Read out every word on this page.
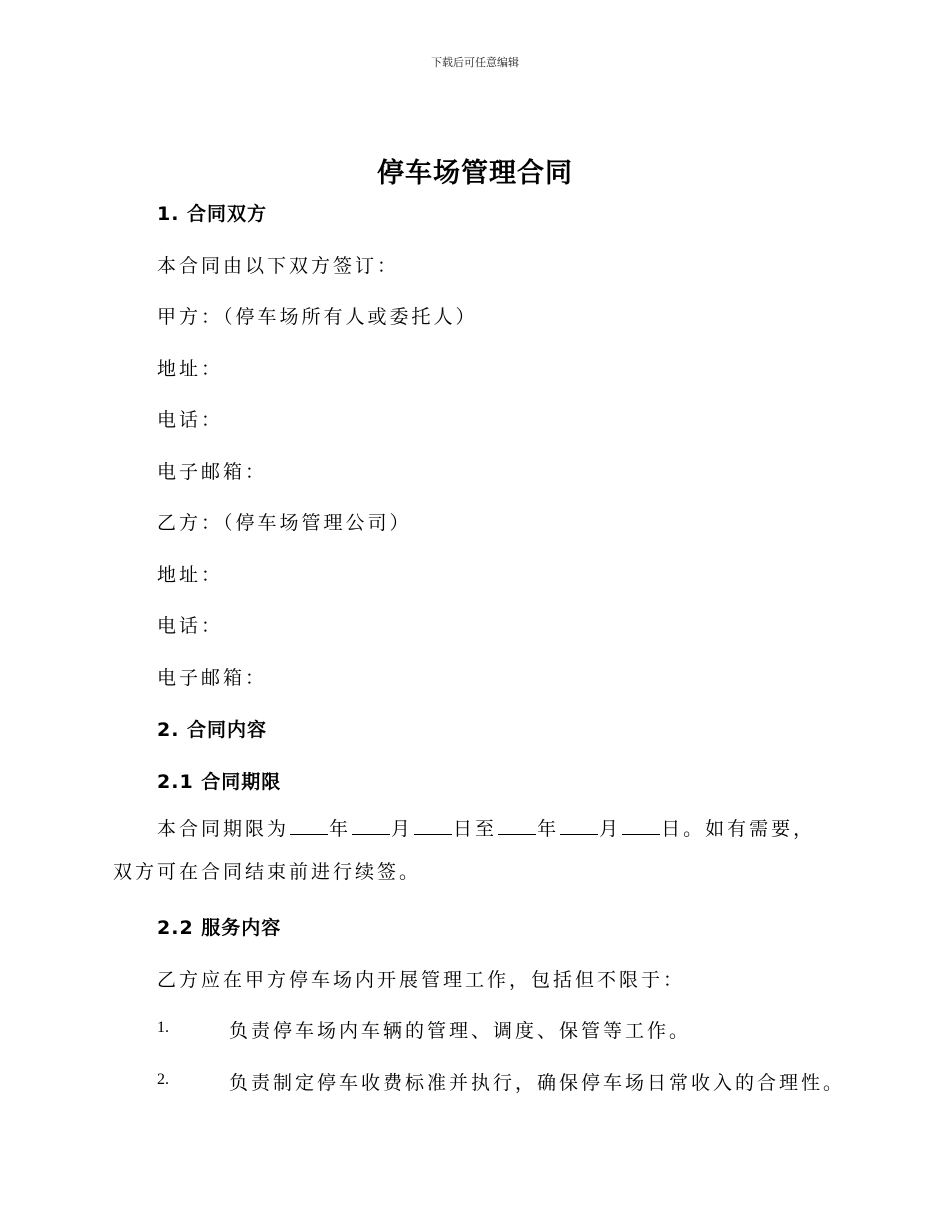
下载后可任意编辑
停车场管理合同
1. 合同双方
本合同由以下双方签订：
甲方：（停车场所有人或委托人）
地址：
电话：
电子邮箱：
乙方：（停车场管理公司）
地址：
电话：
电子邮箱：
2. 合同内容
2.1 合同期限
本合同期限为 年 月 日至 年 月 日。如有需要，双方可在合同结束前进行续签。
2.2 服务内容
乙方应在甲方停车场内开展管理工作，包括但不限于：
1.	负责停车场内车辆的管理、调度、保管等工作。
2.	负责制定停车收费标准并执行，确保停车场日常收入的合理性。
